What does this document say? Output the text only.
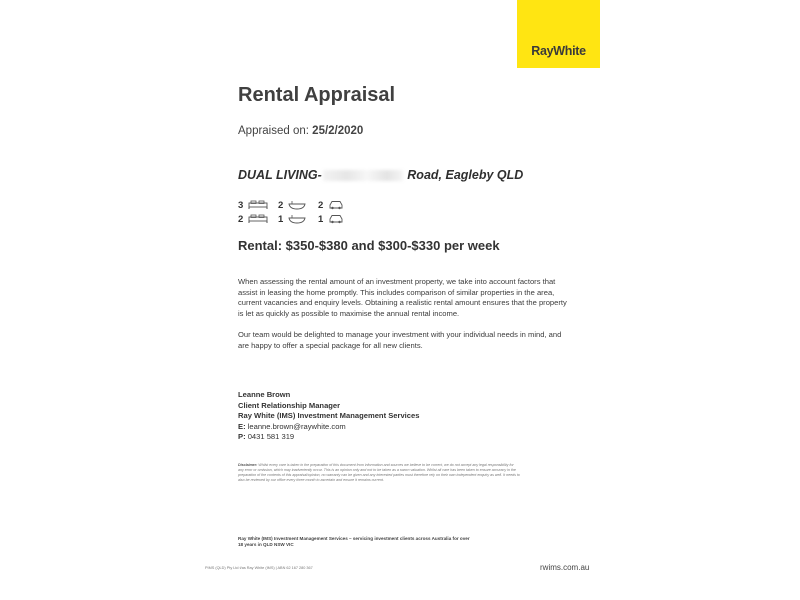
RayWhite
Rental Appraisal
Appraised on: 25/2/2020
DUAL LIVING-	Road, Eagleby QLD
3	2	2
2	1	1
Rental: $350-$380 and $300-$330 per week
When assessing the rental amount of an investment property, we take into account factors that assist in leasing the home promptly. This includes comparison of similar properties in the area, current vacancies and enquiry levels. Obtaining a realistic rental amount ensures that the property is let as quickly as possible to maximise the annual rental income.
Our team would be delighted to manage your investment with your individual needs in mind, and are happy to offer a special package for all new clients.
Leanne Brown
Client Relationship Manager
Ray White (IMS) Investment Management Services
E: leanne.brown@raywhite.com
P: 0431 581 319
Disclaimer: Whilst every care is taken in the preparation of this document from information and sources we believe to be correct, we do not accept any legal responsibility for any error or omission, which may inadvertently occur. This is an opinion only and not to be taken as a sworn valuation. Whilst all care has been taken to ensure accuracy in the preparation of the contents of this appraisal/opinion, no warranty can be given and any interested parties must therefore rely on their own independent enquiry as well. It needs to also be reviewed by our office every three month to ascertain and ensure it remains current.
Ray White (IMS) Investment Management Services – servicing investment clients across Australia for over 18 years in QLD NSW VIC
PIMS (QLD) Pty Ltd t/as Ray White (IMS) | ABN 62 167 280 367	rwims.com.au
